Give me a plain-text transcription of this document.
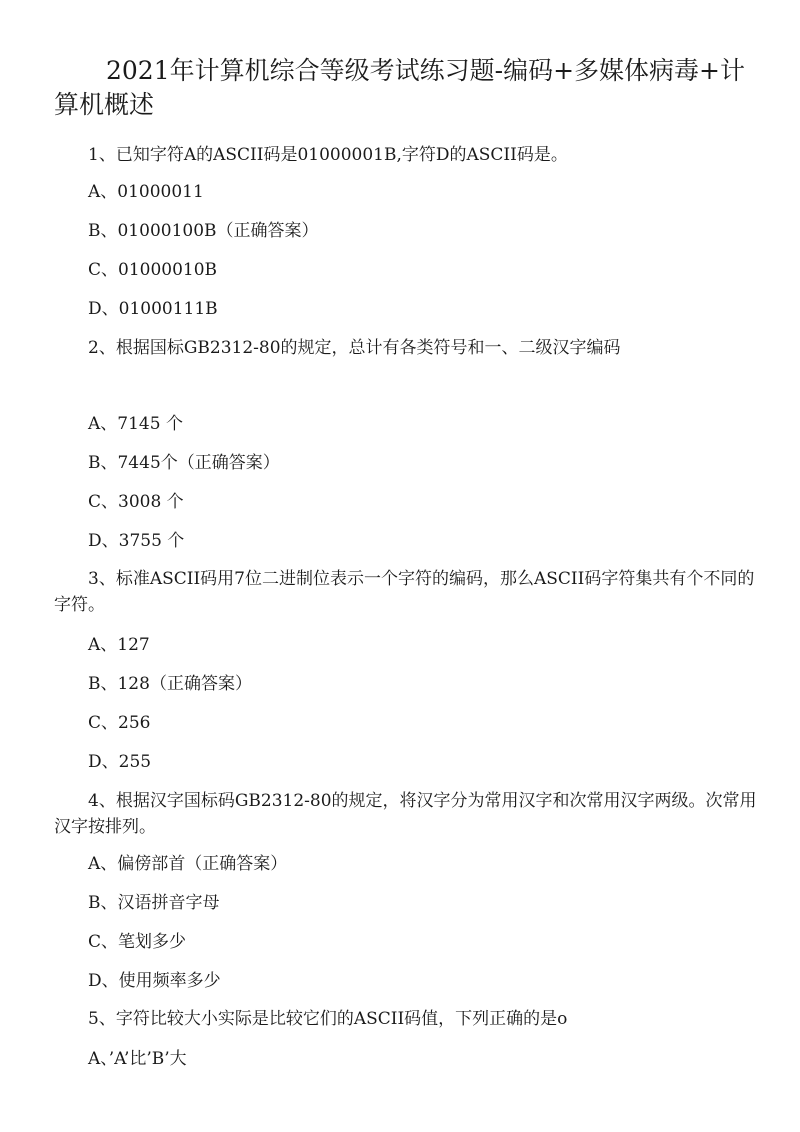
2021年计算机综合等级考试练习题-编码+多媒体病毒+计算机概述

1、已知字符A的ASCII码是01000001B,字符D的ASCII码是。

A、01000011

B、01000100B（正确答案）

C、01000010B

D、01000111B

2、根据国标GB2312-80的规定，总计有各类符号和一、二级汉字编码

A、7145 个

B、7445个（正确答案）

C、3008 个

D、3755 个

3、标准ASCII码用7位二进制位表示一个字符的编码，那么ASCII码字符集共有个不同的字符。

A、127

B、128（正确答案）

C、256

D、255

4、根据汉字国标码GB2312-80的规定，将汉字分为常用汉字和次常用汉字两级。次常用汉字按排列。

A、偏傍部首（正确答案）

B、汉语拼音字母

C、笔划多少

D、使用频率多少

5、字符比较大小实际是比较它们的ASCII码值，下列正确的是o

A、’A’比’B’大
